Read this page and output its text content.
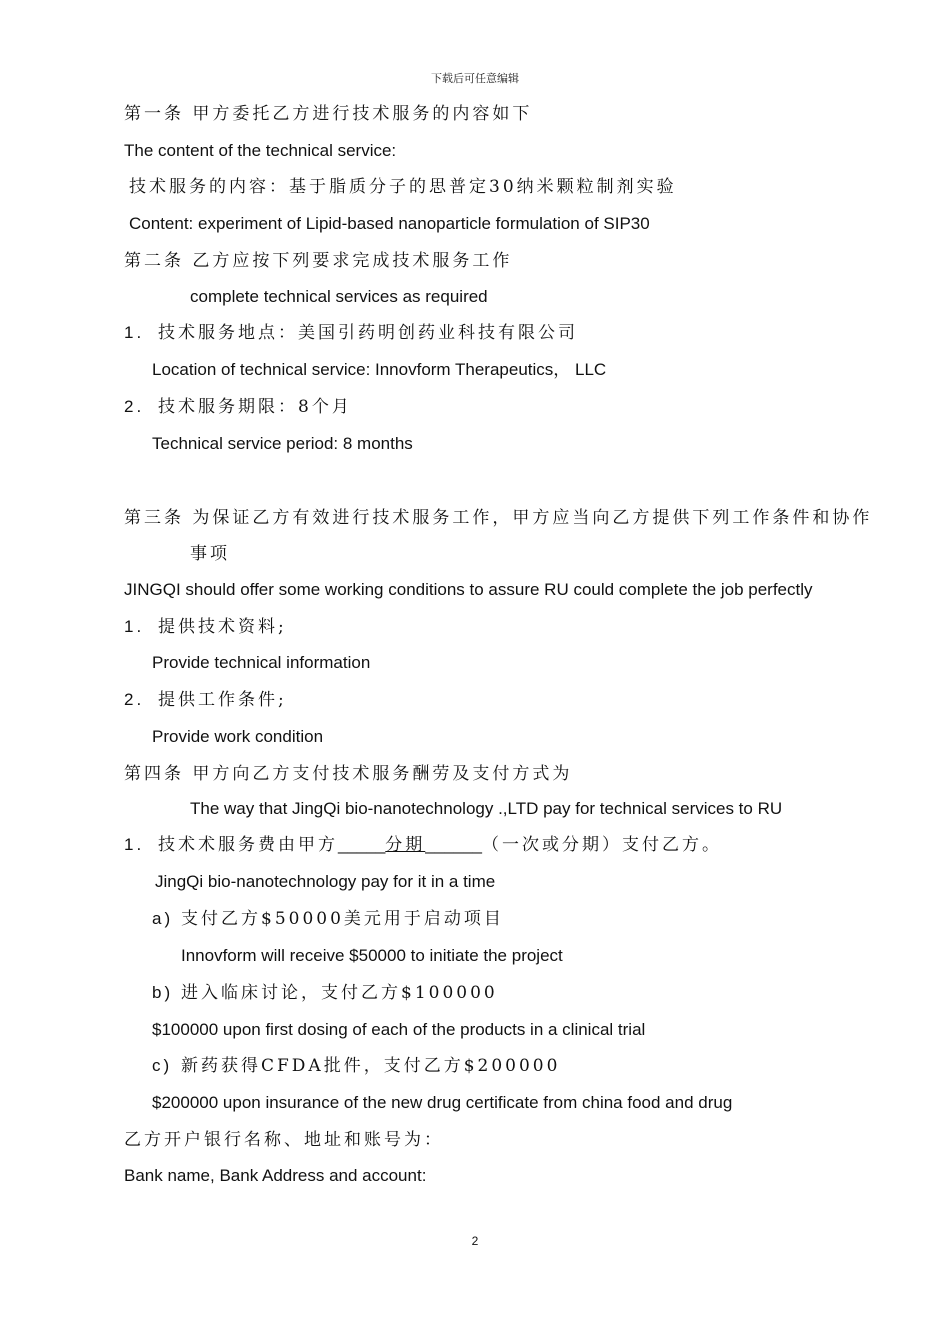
下载后可任意编辑
第一条 甲方委托乙方进行技术服务的内容如下
The content of the technical service:
技术服务的内容：基于脂质分子的思普定30纳米颗粒制剂实验
Content: experiment of Lipid-based nanoparticle formulation of SIP30
第二条 乙方应按下列要求完成技术服务工作
complete technical services as required
1. 技术服务地点：美国引药明创药业科技有限公司
Location of technical service: Innovform Therapeutics， LLC
2. 技术服务期限：8个月
Technical service period: 8 months
第三条 为保证乙方有效进行技术服务工作，甲方应当向乙方提供下列工作条件和协作
事项
JINGQI should offer some working conditions to assure RU could complete the job perfectly
1. 提供技术资料;
Provide technical information
2. 提供工作条件;
Provide work condition
第四条 甲方向乙方支付技术服务酬劳及支付方式为
The way that JingQi bio-nanotechnology .,LTD pay for technical services to RU
1. 技术术服务费由甲方_____分期______（一次或分期）支付乙方。
JingQi bio-nanotechnology pay for it in a time
a) 支付乙方$50000美元用于启动项目
Innovform will receive $50000 to initiate the project
b) 进入临床讨论，支付乙方$100000
$100000 upon first dosing of each of the products in a clinical trial
c) 新药获得CFDA批件，支付乙方$200000
$200000 upon insurance of the new drug certificate from china food and drug
乙方开户银行名称、地址和账号为：
Bank name, Bank Address and account:
2
